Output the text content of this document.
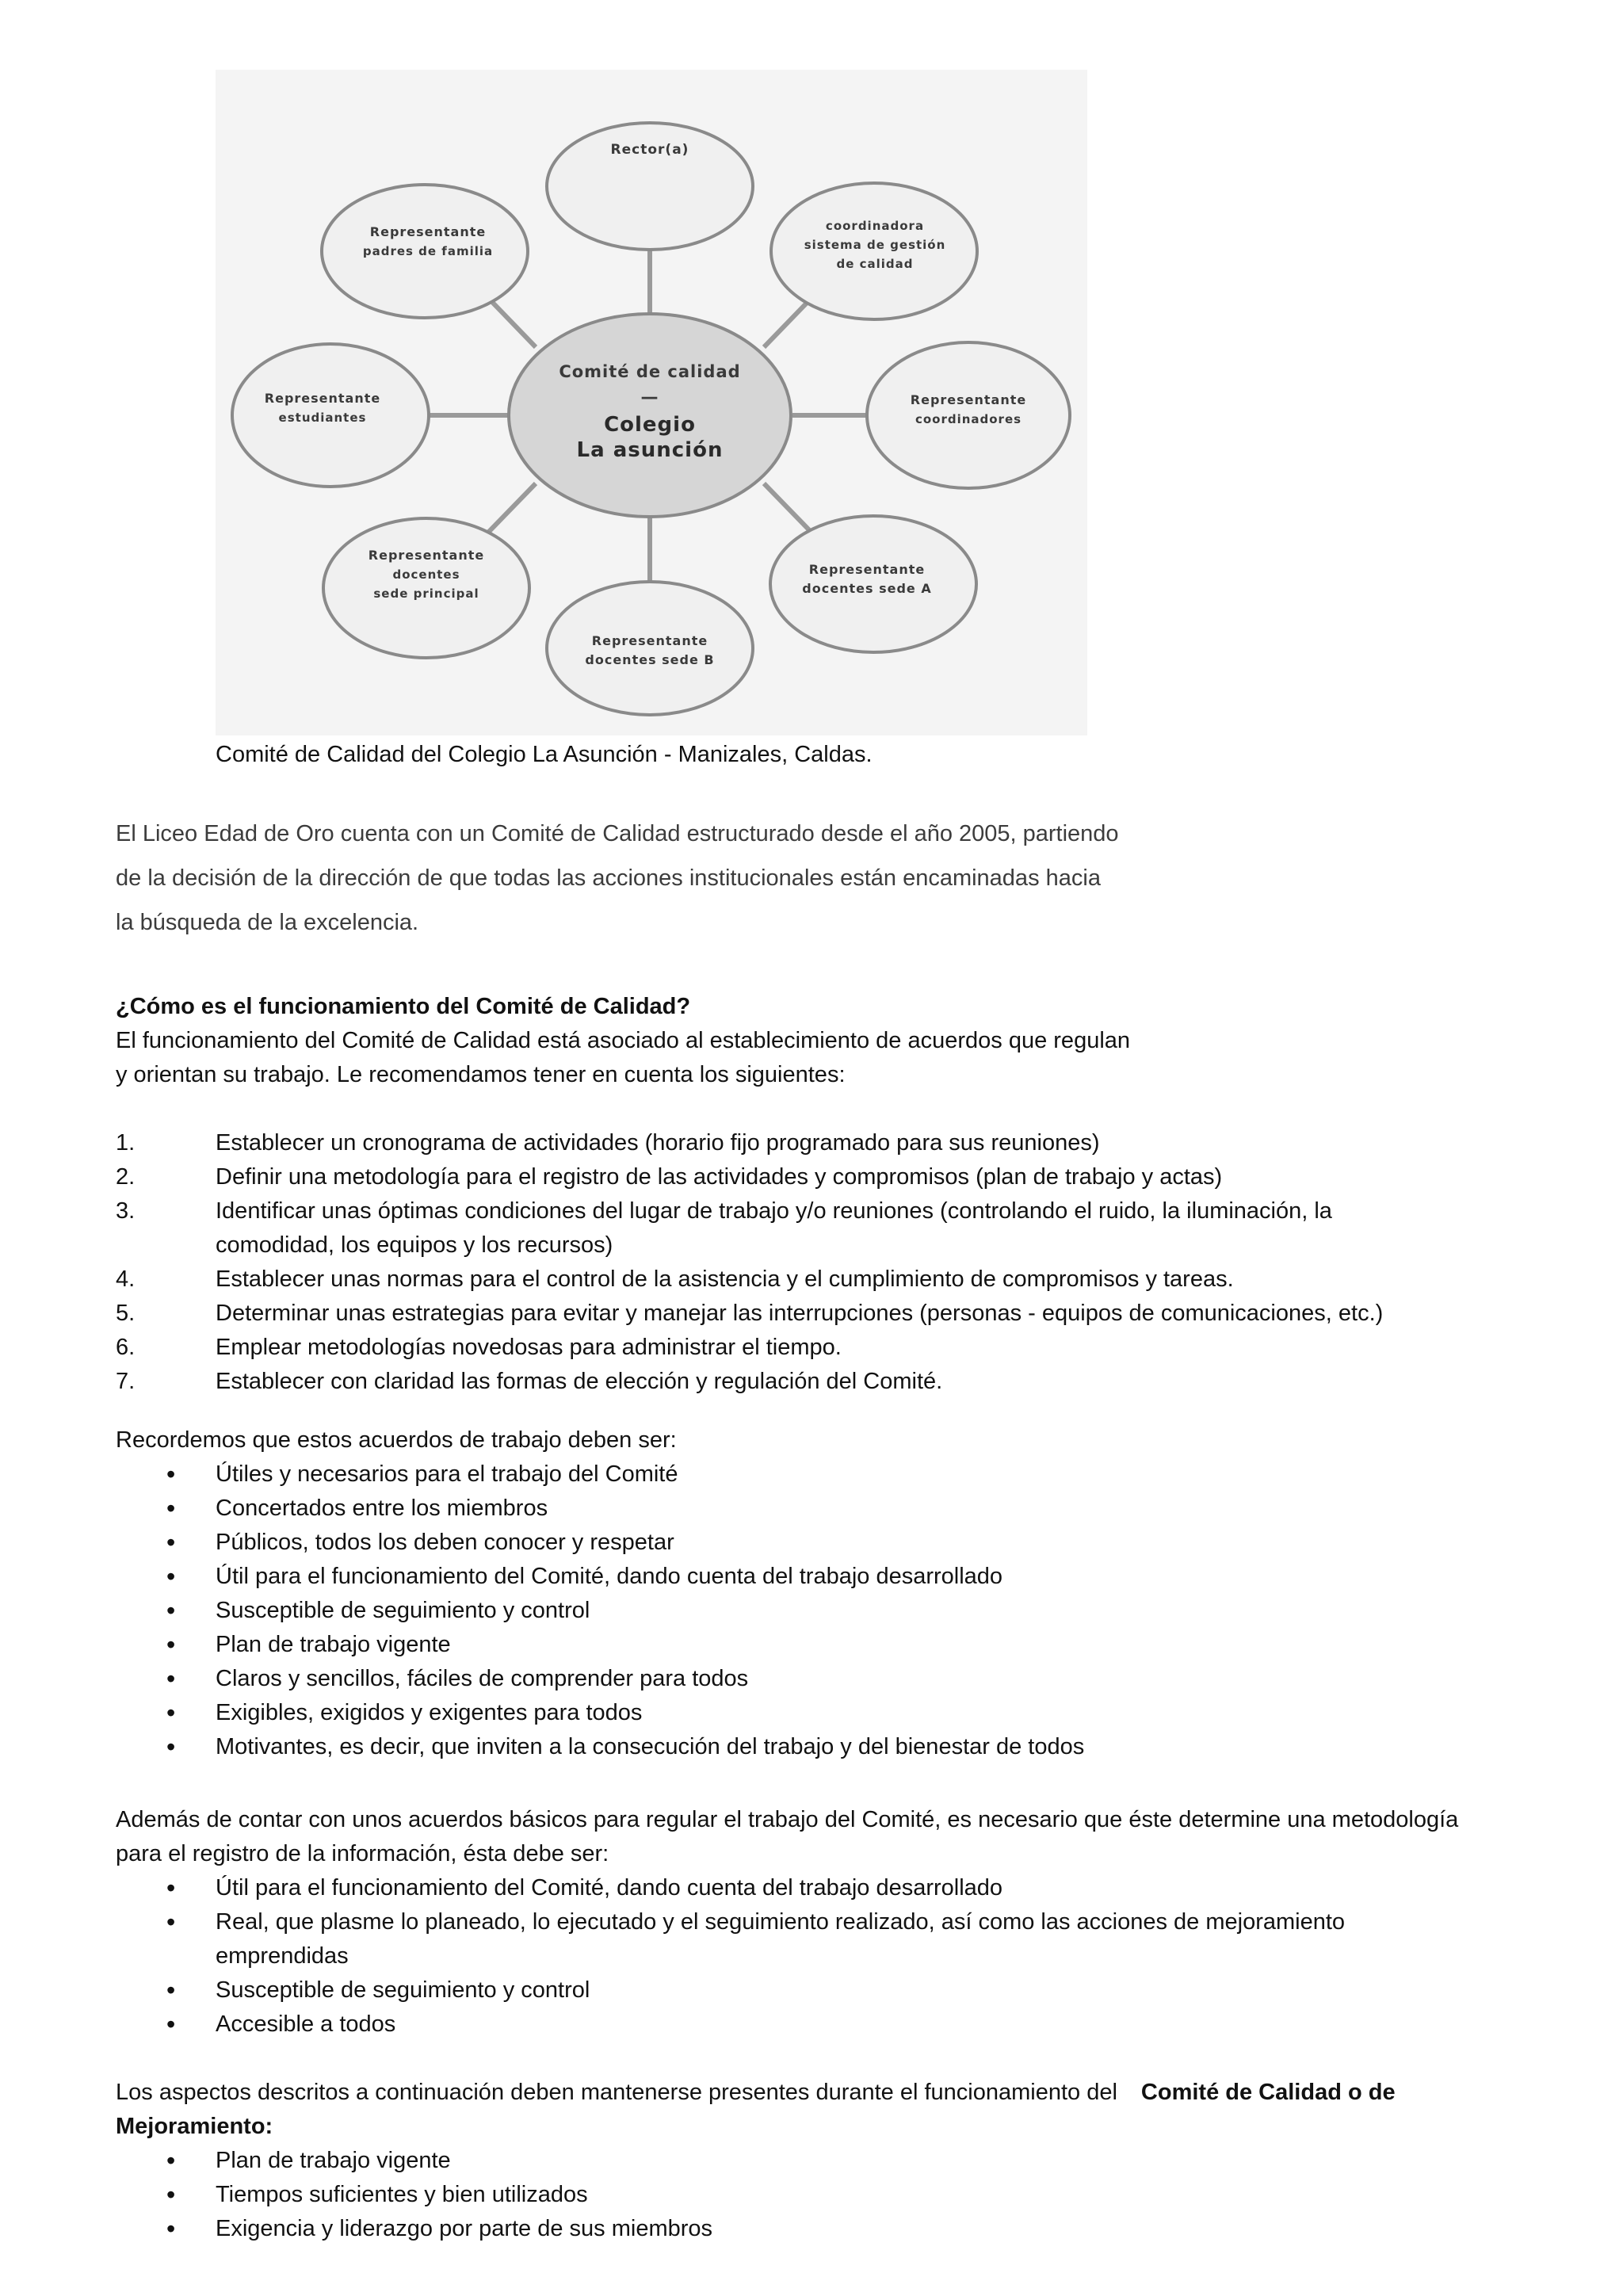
Comité de calidad
—
Colegio
La asunción
Rector(a)
coordinadora
sistema de gestión
de calidad
Representante
coordinadores
Representante
docentes sede A
Representante
docentes sede B
Representante
docentes
sede principal
Representante
estudiantes
Representante
padres de familia
Comité de Calidad del Colegio La Asunción - Manizales, Caldas.
El Liceo Edad de Oro cuenta con un Comité de Calidad estructurado desde el año 2005, partiendo
de la decisión de la dirección de que todas las acciones institucionales están encaminadas hacia
la búsqueda de la excelencia.

¿Cómo es el funcionamiento del Comité de Calidad?

El funcionamiento del Comité de Calidad está asociado al establecimiento de acuerdos que regulan

y orientan su trabajo. Le recomendamos tener en cuenta los siguientes:

1.	Establecer un cronograma de actividades (horario fijo programado para sus reuniones)
2.	Definir una metodología para el registro de las actividades y compromisos (plan de trabajo y actas)
3.	Identificar unas óptimas condiciones del lugar de trabajo y/o reuniones (controlando el ruido, la iluminación, la comodidad, los equipos y los recursos)
4.	Establecer unas normas para el control de la asistencia y el cumplimiento de compromisos y tareas.
5.	Determinar unas estrategias para evitar y manejar las interrupciones (personas - equipos de comunicaciones, etc.)
6.	Emplear metodologías novedosas para administrar el tiempo.
7.	Establecer con claridad las formas de elección y regulación del Comité.

Recordemos que estos acuerdos de trabajo deben ser:

• Útiles y necesarios para el trabajo del Comité
• Concertados entre los miembros
• Públicos, todos los deben conocer y respetar
• Útil para el funcionamiento del Comité, dando cuenta del trabajo desarrollado
• Susceptible de seguimiento y control
• Plan de trabajo vigente
• Claros y sencillos, fáciles de comprender para todos
• Exigibles, exigidos y exigentes para todos
• Motivantes, es decir, que inviten a la consecución del trabajo y del bienestar de todos

Además de contar con unos acuerdos básicos para regular el trabajo del Comité, es necesario que éste determine una metodología para el registro de la información, ésta debe ser:

• Útil para el funcionamiento del Comité, dando cuenta del trabajo desarrollado
• Real, que plasme lo planeado, lo ejecutado y el seguimiento realizado, así como las acciones de mejoramiento emprendidas
• Susceptible de seguimiento y control
• Accesible a todos

Los aspectos descritos a continuación deben mantenerse presentes durante el funcionamiento del Comité de Calidad o de Mejoramiento:

• Plan de trabajo vigente
• Tiempos suficientes y bien utilizados
• Exigencia y liderazgo por parte de sus miembros
